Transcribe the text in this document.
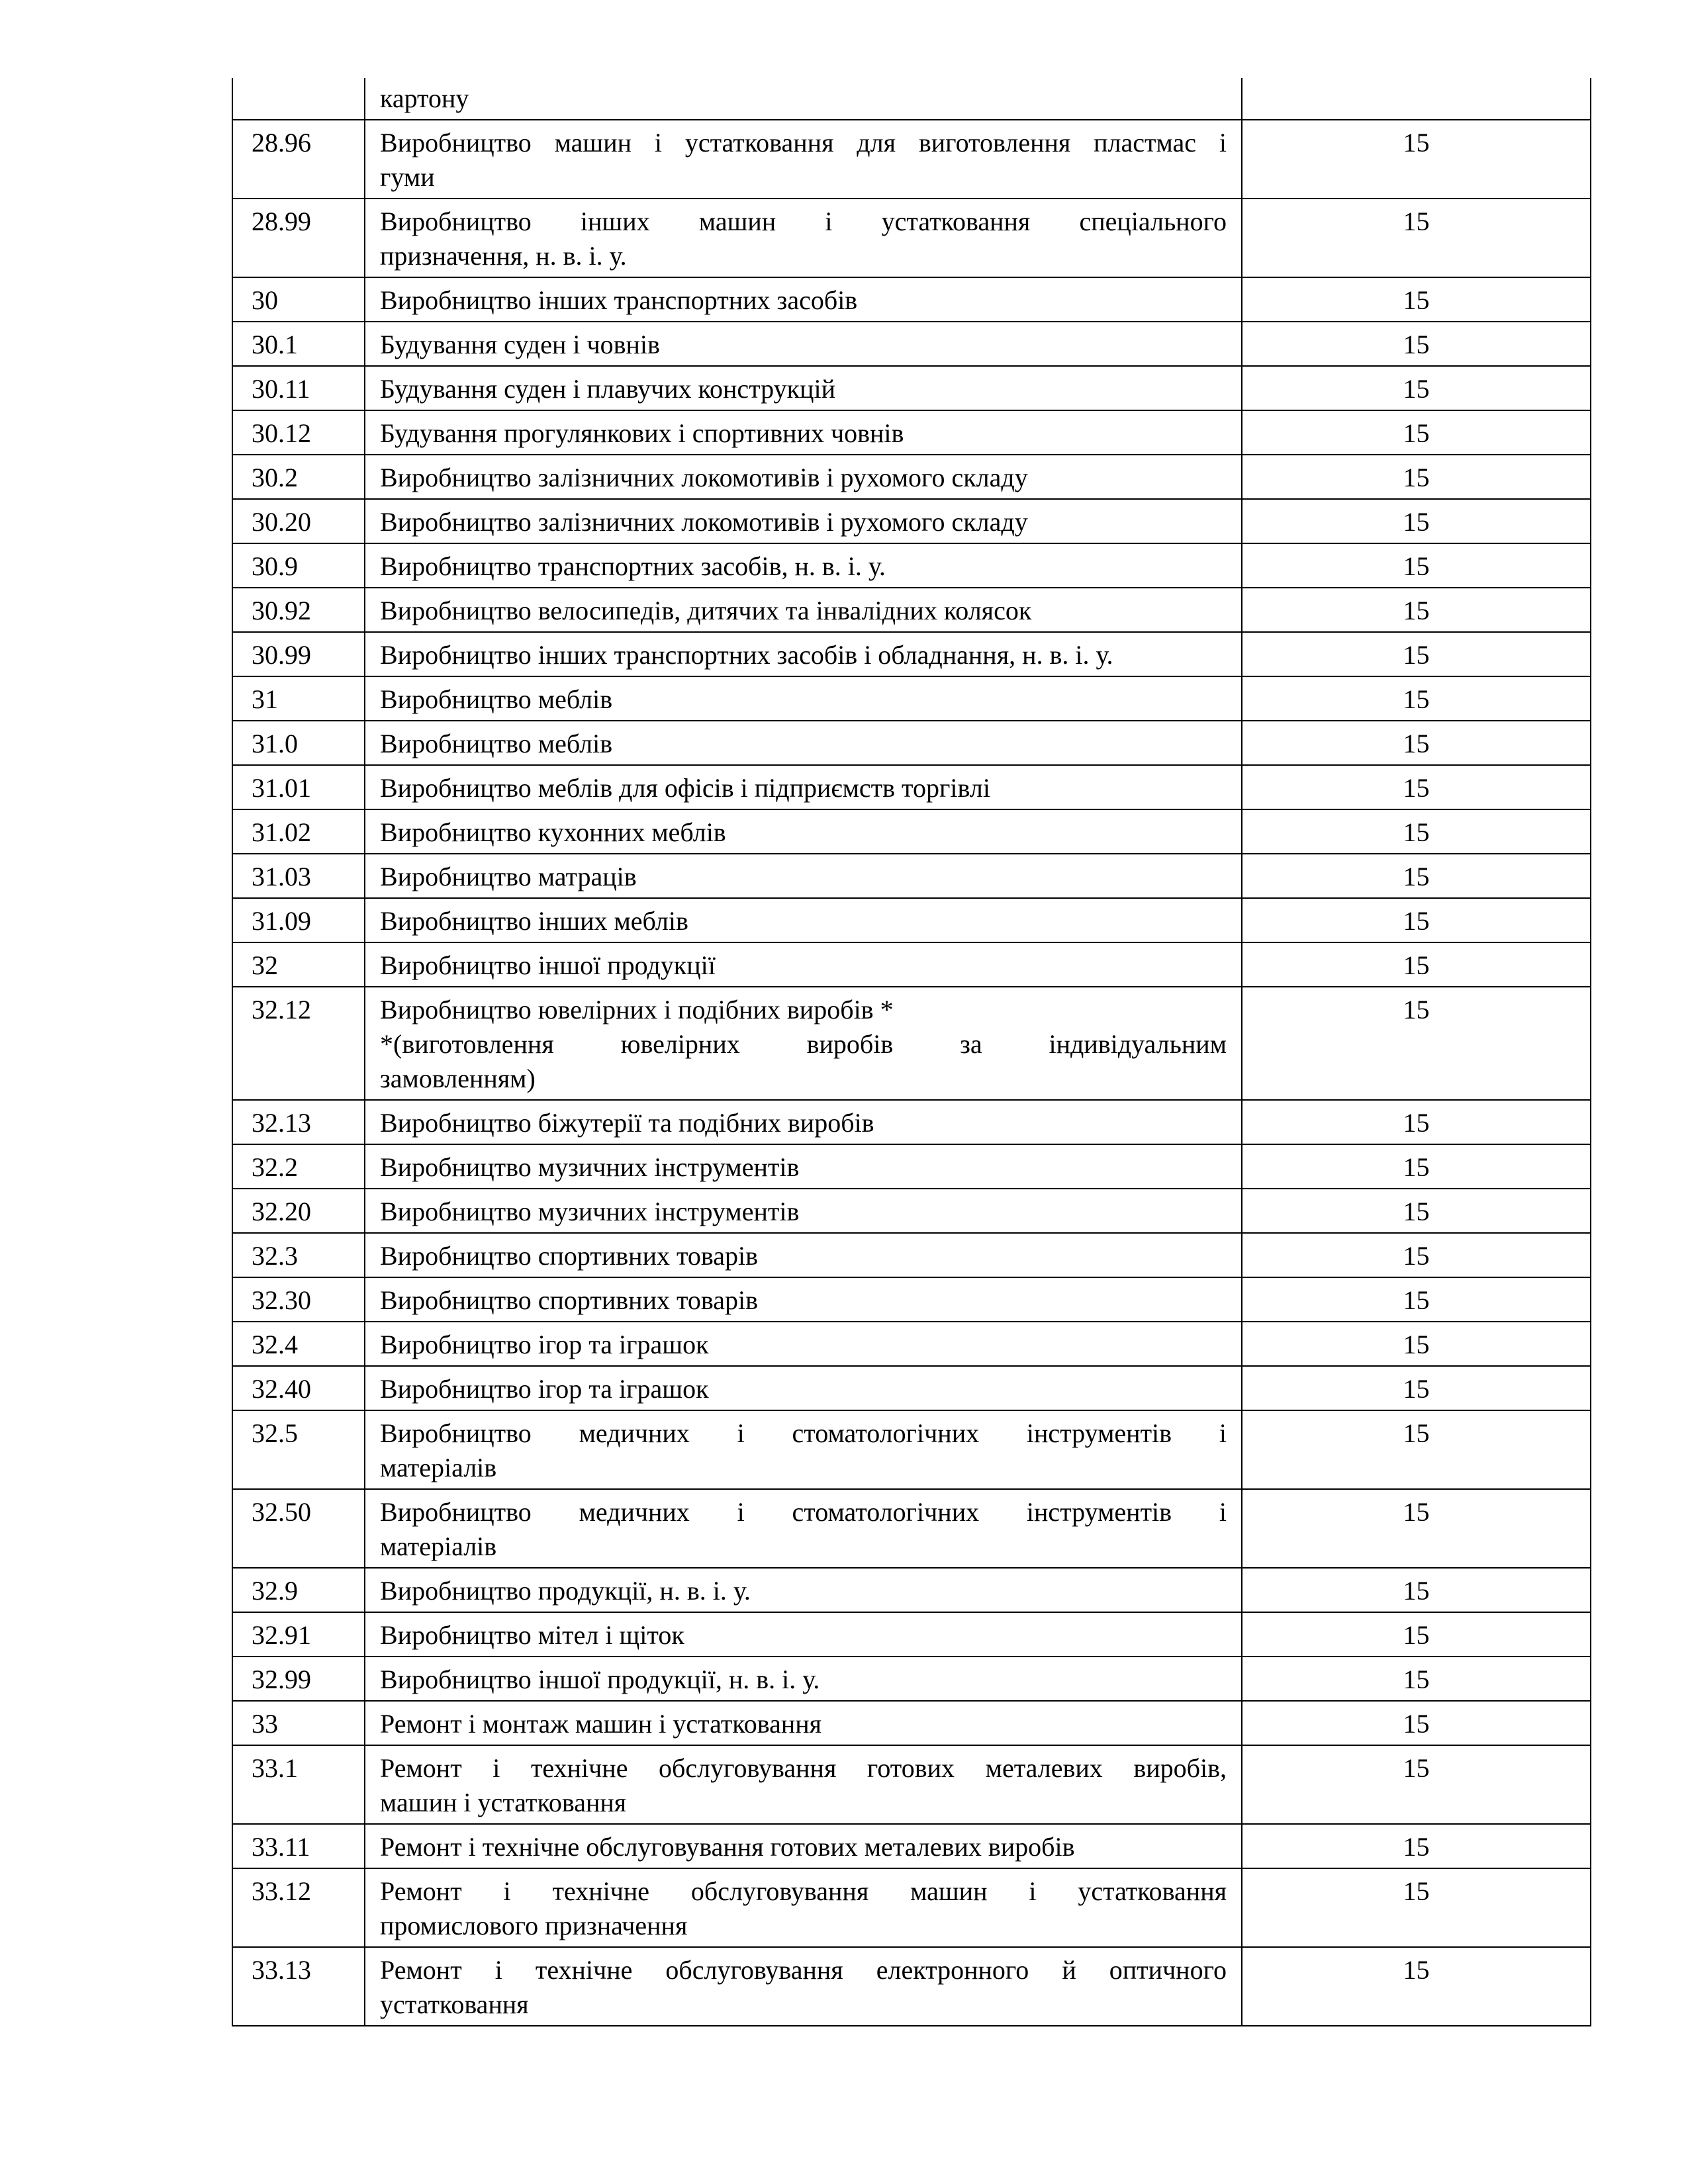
	картону	

28.96	Виробництво машин і устатковання для виготовлення пластмас і
гуми	15
28.99	Виробництво інших машин і устатковання спеціального
призначення, н. в. і. у.	15
30	Виробництво інших транспортних засобів	15
30.1	Будування суден і човнів	15
30.11	Будування суден і плавучих конструкцій	15
30.12	Будування прогулянкових і спортивних човнів	15
30.2	Виробництво залізничних локомотивів і рухомого складу	15
30.20	Виробництво залізничних локомотивів і рухомого складу	15
30.9	Виробництво транспортних засобів, н. в. і. у.	15
30.92	Виробництво велосипедів, дитячих та інвалідних колясок	15
30.99	Виробництво інших транспортних засобів і обладнання, н. в. і. у.	15
31	Виробництво меблів	15
31.0	Виробництво меблів	15
31.01	Виробництво меблів для офісів і підприємств торгівлі	15
31.02	Виробництво кухонних меблів	15
31.03	Виробництво матраців	15
31.09	Виробництво інших меблів	15
32	Виробництво іншої продукції	15
32.12	Виробництво ювелірних і подібних виробів *
*(виготовлення ювелірних виробів за індивідуальним
замовленням)	15
32.13	Виробництво біжутерії та подібних виробів	15
32.2	Виробництво музичних інструментів	15
32.20	Виробництво музичних інструментів	15
32.3	Виробництво спортивних товарів	15
32.30	Виробництво спортивних товарів	15
32.4	Виробництво ігор та іграшок	15
32.40	Виробництво ігор та іграшок	15
32.5	Виробництво медичних і стоматологічних інструментів і
матеріалів	15
32.50	Виробництво медичних і стоматологічних інструментів і
матеріалів	15
32.9	Виробництво продукції, н. в. і. у.	15
32.91	Виробництво мітел і щіток	15
32.99	Виробництво іншої продукції, н. в. і. у.	15
33	Ремонт і монтаж машин і устатковання	15
33.1	Ремонт і технічне обслуговування готових металевих виробів,
машин і устатковання	15
33.11	Ремонт і технічне обслуговування готових металевих виробів	15
33.12	Ремонт і технічне обслуговування машин і устатковання
промислового призначення	15
33.13	Ремонт і технічне обслуговування електронного й оптичного
устатковання	15
